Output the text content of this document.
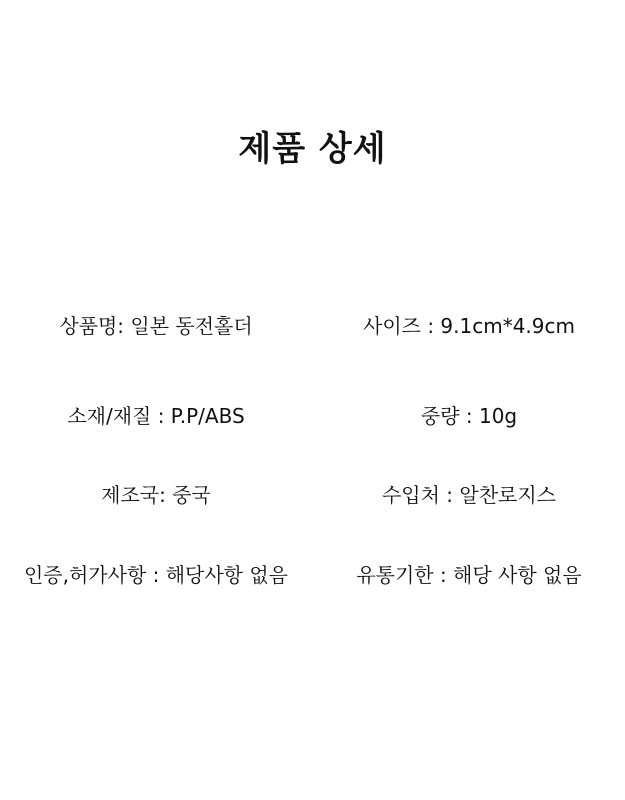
제품 상세
상품명: 일본 동전홀더	사이즈 : 9.1cm*4.9cm
소재/재질 : P.P/ABS	중량 : 10g
제조국: 중국	수입처 : 알찬로지스
인증,허가사항 : 해당사항 없음	유통기한 : 해당 사항 없음
